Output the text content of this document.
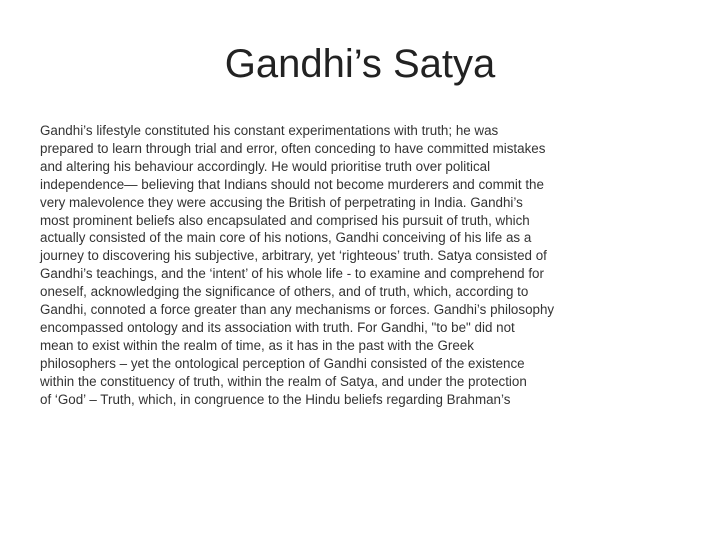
Gandhi’s Satya
Gandhi’s lifestyle constituted his constant experimentations with truth; he was
prepared to learn through trial and error, often conceding to have committed mistakes
and altering his behaviour accordingly. He would prioritise truth over political
independence— believing that Indians should not become murderers and commit the
very malevolence they were accusing the British of perpetrating in India. Gandhi’s
most prominent beliefs also encapsulated and comprised his pursuit of truth, which
actually consisted of the main core of his notions, Gandhi conceiving of his life as a
journey to discovering his subjective, arbitrary, yet ‘righteous’ truth. Satya consisted of
Gandhi’s teachings, and the ‘intent’ of his whole life - to examine and comprehend for
oneself, acknowledging the significance of others, and of truth, which, according to
Gandhi, connoted a force greater than any mechanisms or forces. Gandhi’s philosophy
encompassed ontology and its association with truth. For Gandhi, "to be" did not
mean to exist within the realm of time, as it has in the past with the Greek
philosophers – yet the ontological perception of Gandhi consisted of the existence
within the constituency of truth, within the realm of Satya, and under the protection
of ‘God’ – Truth, which, in congruence to the Hindu beliefs regarding Brahman’s
